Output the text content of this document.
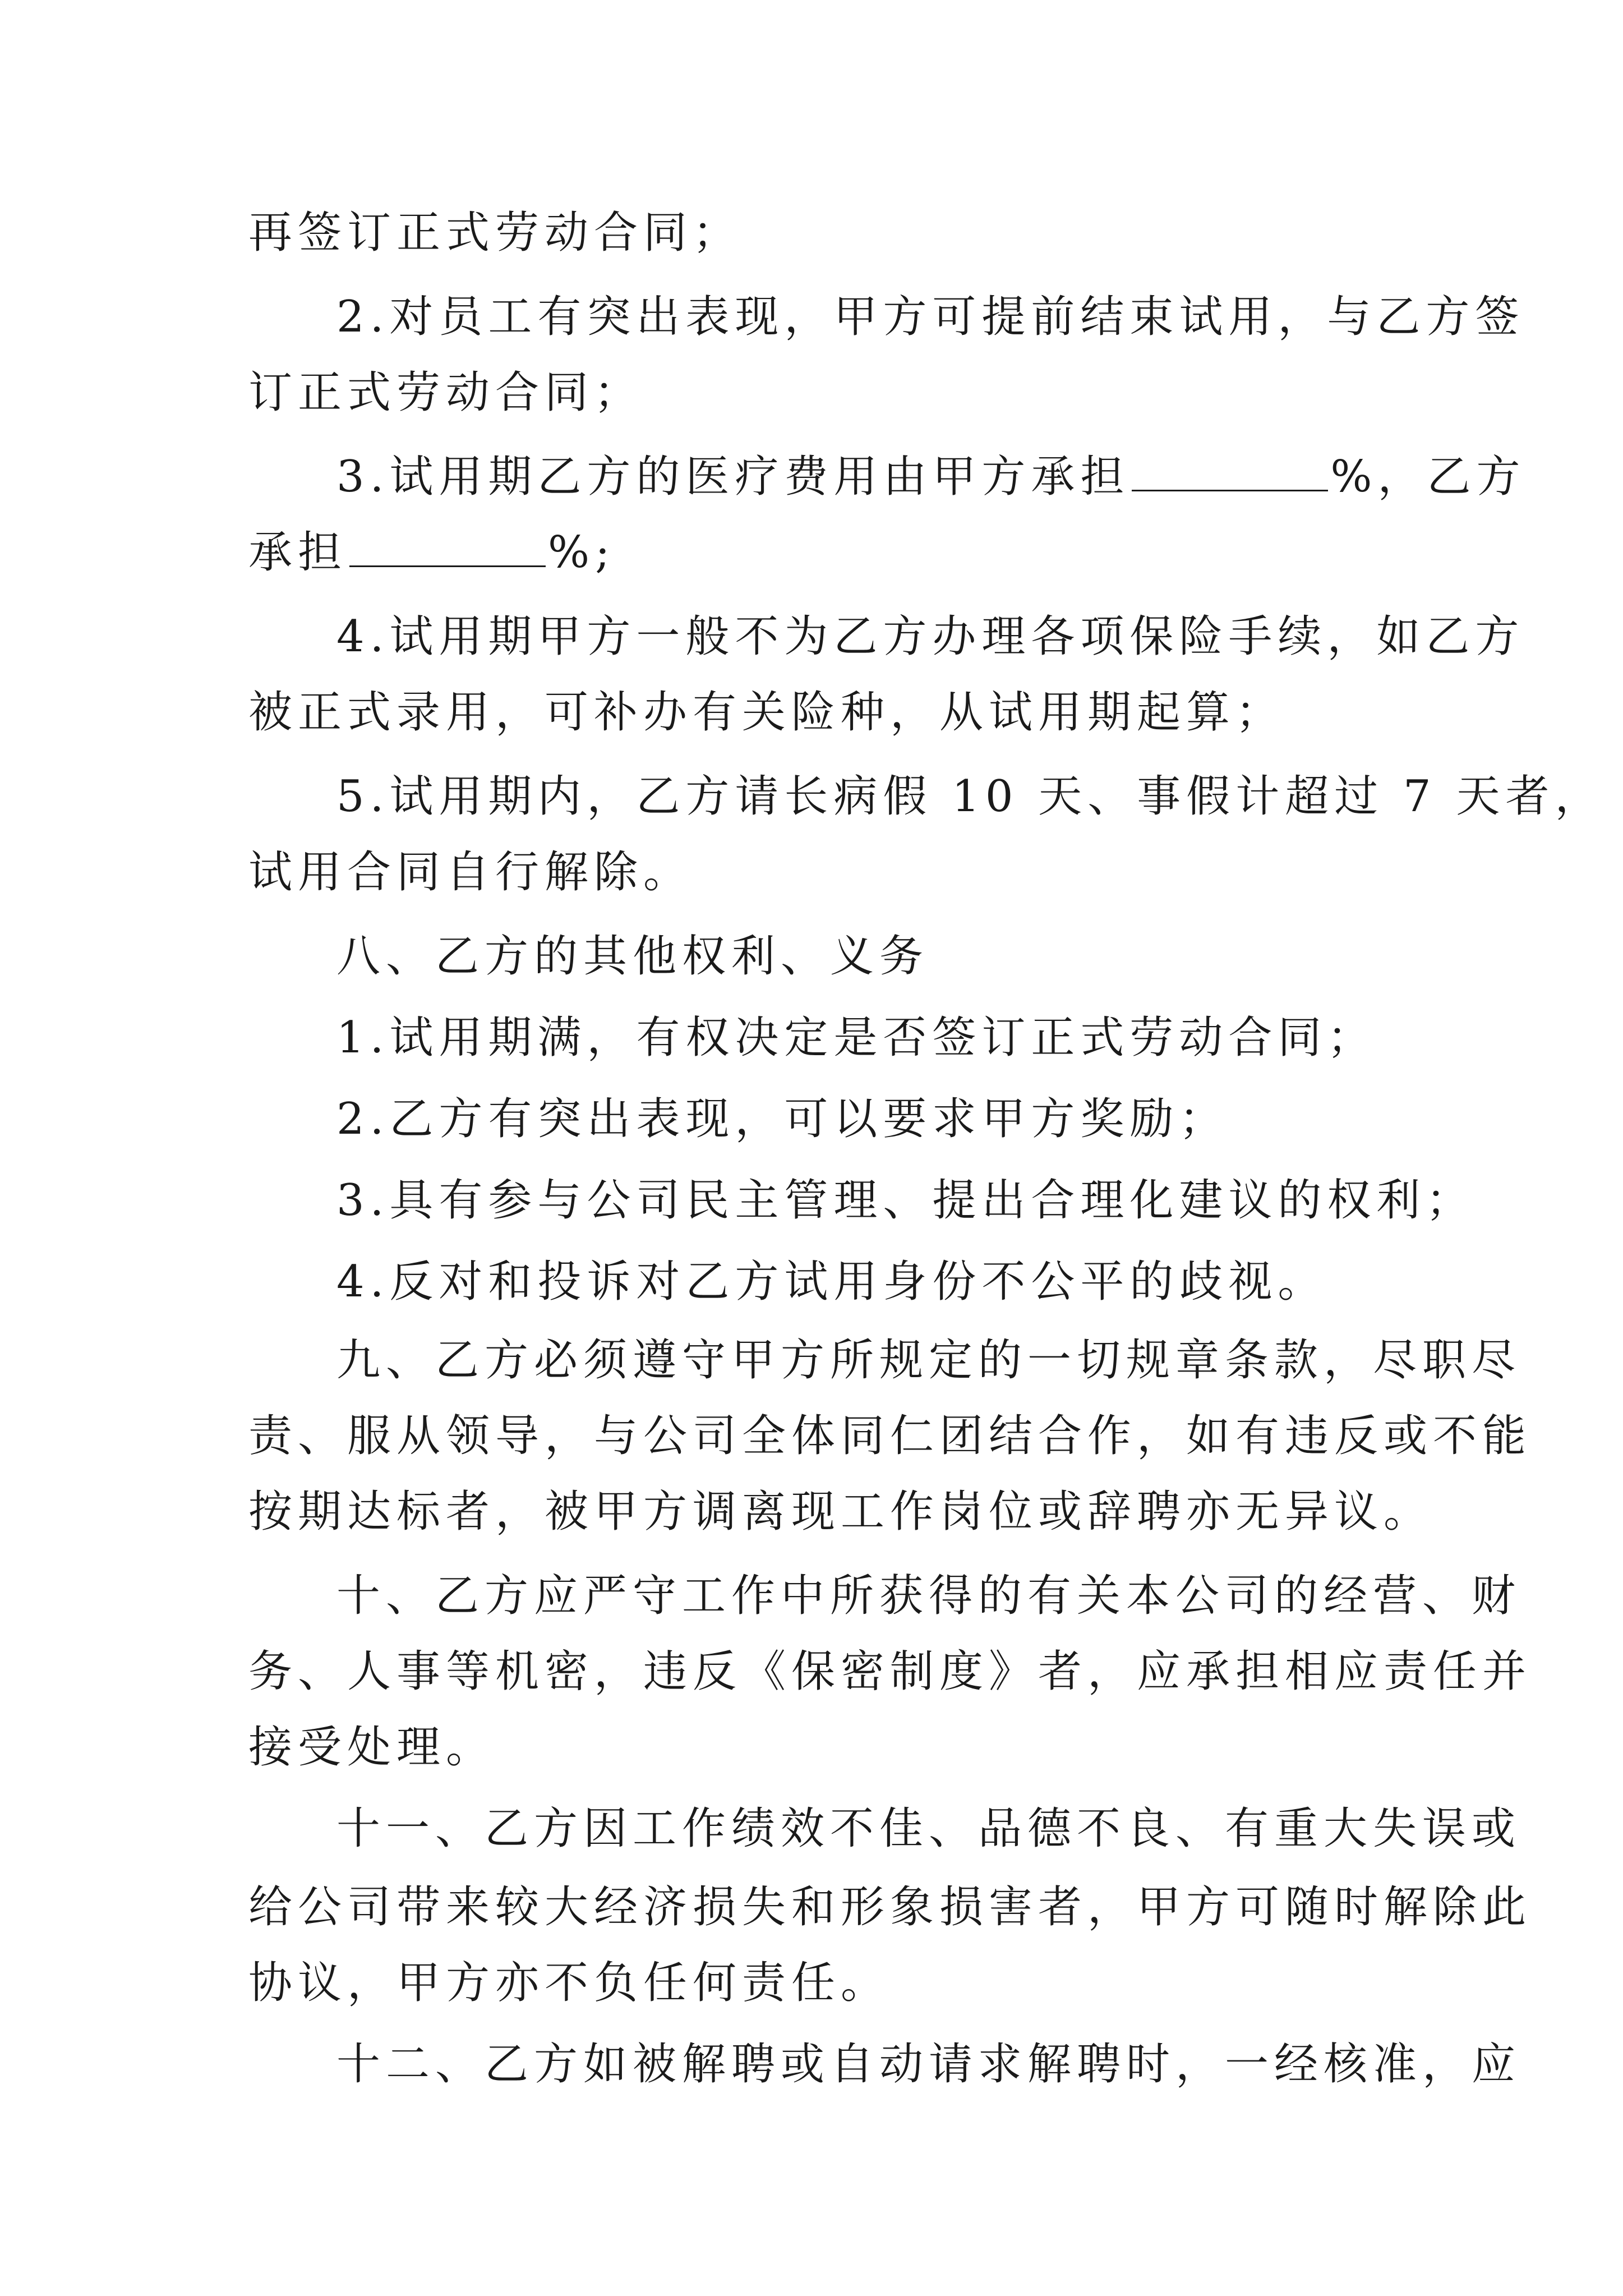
再签订正式劳动合同；
2.对员工有突出表现，甲方可提前结束试用，与乙方签
订正式劳动合同；
3.试用期乙方的医疗费用由甲方承担	%，乙方
承担	%;
4.试用期甲方一般不为乙方办理各项保险手续，如乙方
被正式录用，可补办有关险种，从试用期起算；
5.试用期内，乙方请长病假 10 天、事假计超过 7 天者，
试用合同自行解除。
八、乙方的其他权利、义务
1.试用期满，有权决定是否签订正式劳动合同；
2.乙方有突出表现，可以要求甲方奖励；
3.具有参与公司民主管理、提出合理化建议的权利；
4.反对和投诉对乙方试用身份不公平的歧视。
九、乙方必须遵守甲方所规定的一切规章条款，尽职尽
责、服从领导，与公司全体同仁团结合作，如有违反或不能
按期达标者，被甲方调离现工作岗位或辞聘亦无异议。
十、乙方应严守工作中所获得的有关本公司的经营、财
务、人事等机密，违反《保密制度》者，应承担相应责任并
接受处理。
十一、乙方因工作绩效不佳、品德不良、有重大失误或
给公司带来较大经济损失和形象损害者，甲方可随时解除此
协议，甲方亦不负任何责任。
十二、乙方如被解聘或自动请求解聘时，一经核准，应
